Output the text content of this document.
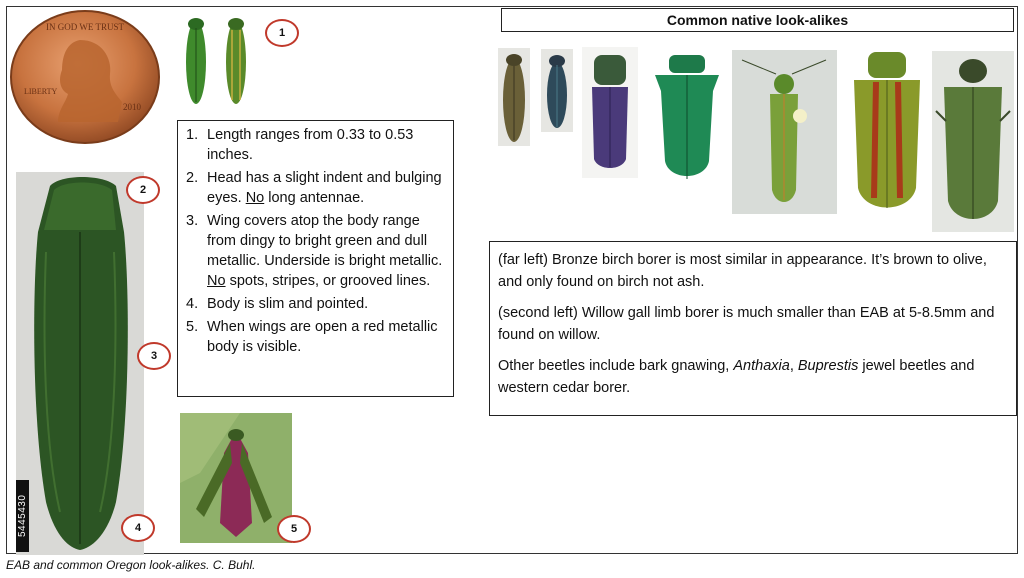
IN GOD WE TRUST
LIBERTY
2010
1
5445430
2
3
4	5
1. Length ranges from 0.33 to 0.53 inches.
2. Head has a slight indent and bulging eyes. No long antennae.
3. Wing covers atop the body range from dingy to bright green and dull metallic. Underside is bright metallic. No spots, stripes, or grooved lines.
4. Body is slim and pointed.
5. When wings are open a red metallic body is visible.
Common native look-alikes

(far left) Bronze birch borer is most similar in appearance. It’s brown to olive, and only found on birch not ash.

(second left) Willow gall limb borer is much smaller than EAB at 5-8.5mm and found on willow.

Other beetles include bark gnawing, Anthaxia, Buprestis jewel beetles and western cedar borer.

EAB and common Oregon look-alikes. C. Buhl.
